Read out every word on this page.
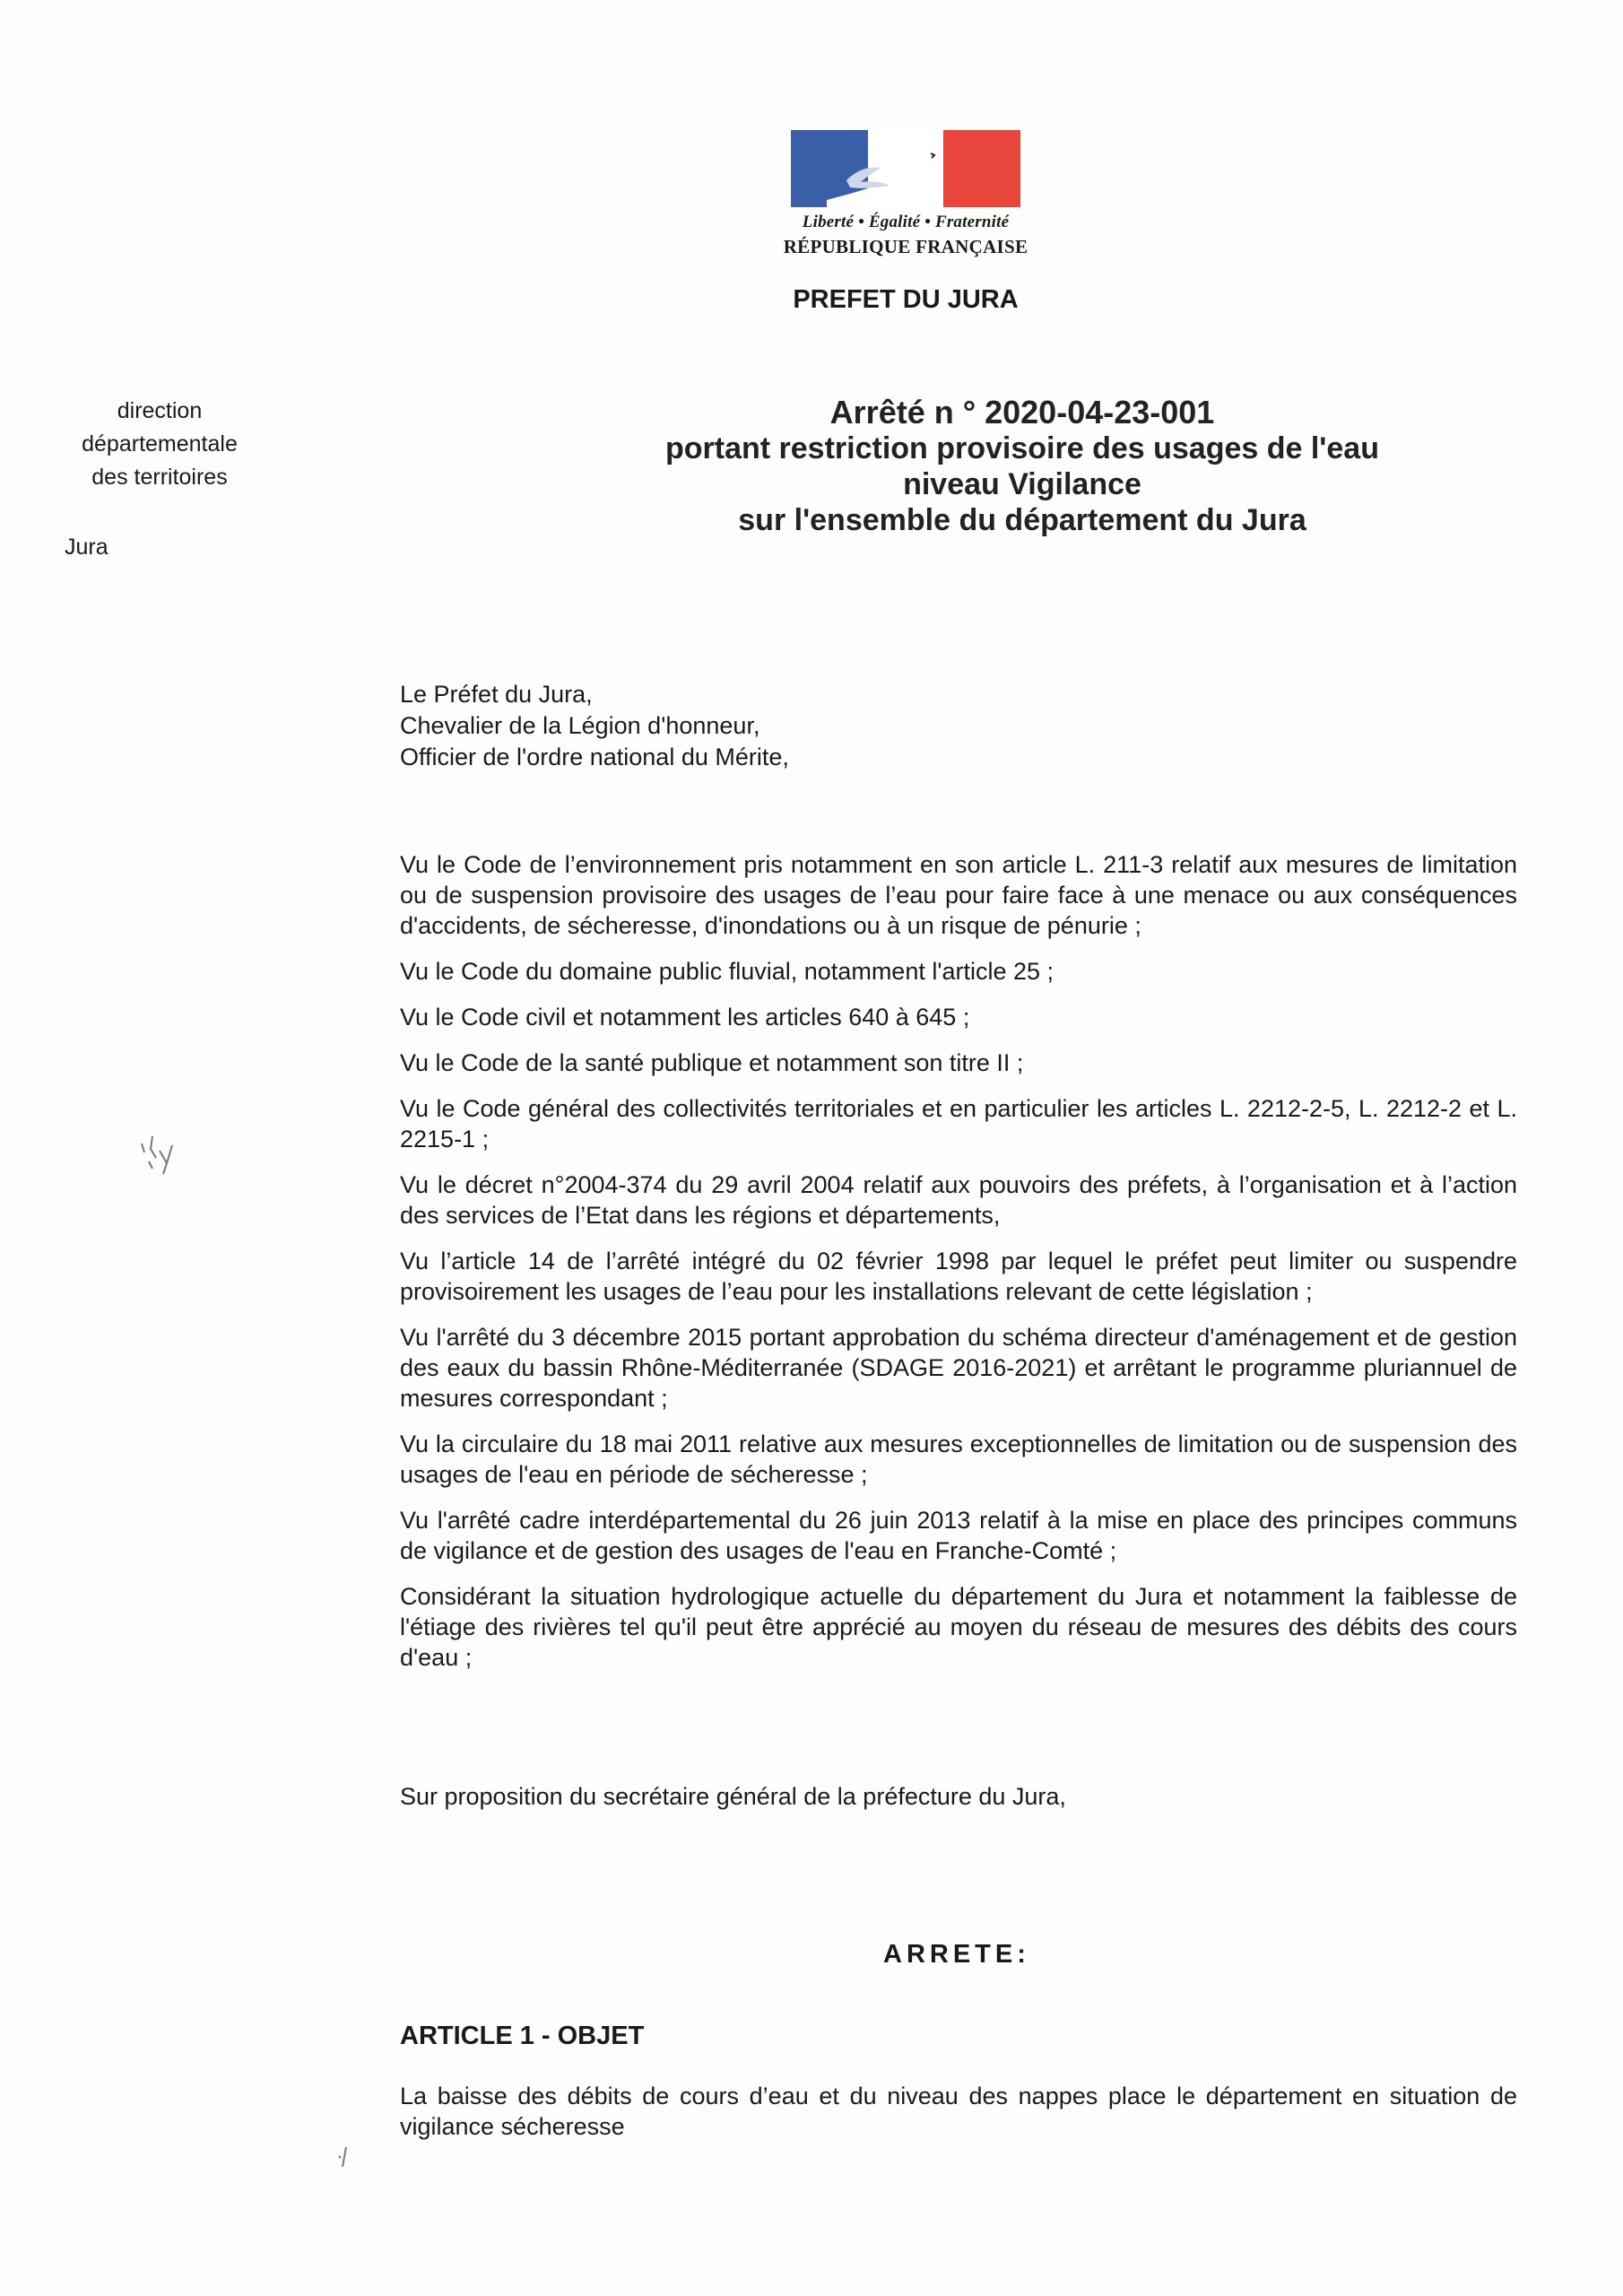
Liberté • Égalité • Fraternité
RÉPUBLIQUE FRANÇAISE
PREFET DU JURA
direction
départementale
des territoires
Jura
Arrêté n ° 2020-04-23-001
portant restriction provisoire des usages de l'eau
niveau Vigilance
sur l'ensemble du département du Jura
Le Préfet du Jura,
Chevalier de la Légion d'honneur,
Officier de l'ordre national du Mérite,

Vu le Code de l’environnement pris notamment en son article L. 211-3 relatif aux mesures de limitation ou de suspension provisoire des usages de l’eau pour faire face à une menace ou aux conséquences d'accidents, de sécheresse, d'inondations ou à un risque de pénurie ;

Vu le Code du domaine public fluvial, notamment l'article 25 ;

Vu le Code civil et notamment les articles 640 à 645 ;

Vu le Code de la santé publique et notamment son titre II ;

Vu le Code général des collectivités territoriales et en particulier les articles L. 2212-2-5, L. 2212-2 et L. 2215-1 ;

Vu le décret n°2004-374 du 29 avril 2004 relatif aux pouvoirs des préfets, à l’organisation et à l’action des services de l’Etat dans les régions et départements,

Vu l’article 14 de l’arrêté intégré du 02 février 1998 par lequel le préfet peut limiter ou suspendre provisoirement les usages de l’eau pour les installations relevant de cette législation ;

Vu l'arrêté du 3 décembre 2015 portant approbation du schéma directeur d'aménagement et de gestion des eaux du bassin Rhône-Méditerranée (SDAGE 2016-2021) et arrêtant le programme pluriannuel de mesures correspondant ;

Vu la circulaire du 18 mai 2011 relative aux mesures exceptionnelles de limitation ou de suspension des usages de l'eau en période de sécheresse ;

Vu l'arrêté cadre interdépartemental du 26 juin 2013 relatif à la mise en place des principes communs de vigilance et de gestion des usages de l'eau en Franche-Comté ;

Considérant la situation hydrologique actuelle du département du Jura et notamment la faiblesse de l'étiage des rivières tel qu'il peut être apprécié au moyen du réseau de mesures des débits des cours d'eau ;

Sur proposition du secrétaire général de la préfecture du Jura,
ARRETE:
ARTICLE 1 - OBJET
La baisse des débits de cours d’eau et du niveau des nappes place le département en situation de vigilance sécheresse
